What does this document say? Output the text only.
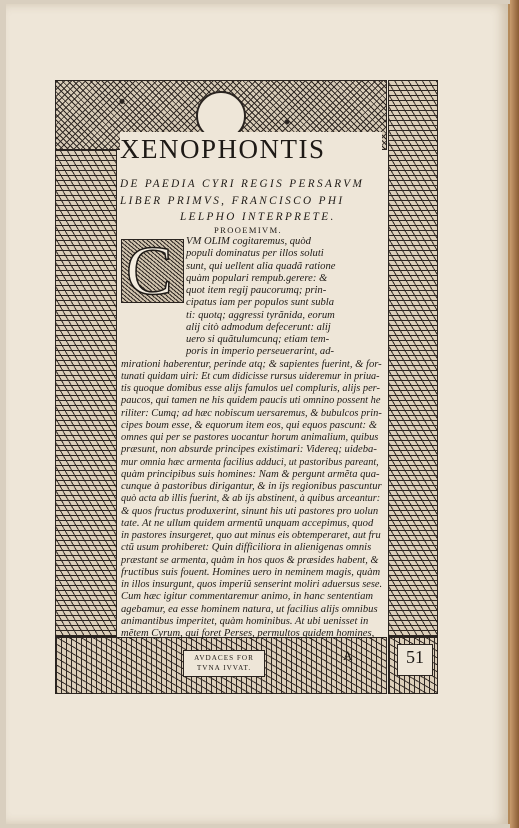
XENOPHONTIS
DE PAEDIA CYRI REGIS PERSARVM
LIBER PRIMVS, FRANCISCO PHI
LELPHO INTERPRETE.
PROOEMIVM.
C VM OLIM cogitaremus, quòd
populi dominatus per illos soluti
sunt, qui uellent alia quadã ratione
quàm populari rempub.gerere: &
quot item regij paucorumq; prin-
cipatus iam per populos sunt subla
ti: quotq; aggressi tyrãnida, eorum
alij citò admodum defecerunt: alij
uero si quãtulumcunq; etiam tem-
poris in imperio perseuerarint, ad-
mirationi haberentur, perinde atq; & sapientes fuerint, & for-
tunati quidam uiri: Et cum didicisse rursus uideremur in priua-
tis quoque domibus esse alijs famulos uel compluris, alijs per-
paucos, qui tamen ne his quidem paucis uti omnino possent he
riliter: Cumq; ad hæc nobiscum uersaremus, & bubulcos prin-
cipes boum esse, & equorum item eos, qui equos pascunt: &
omnes qui per se pastores uocantur horum animalium, quibus
præsunt, non absurde principes existimari: Videreq; uideba-
mur omnia hæc armenta facilius adduci, ut pastoribus pareant,
quàm principibus suis homines: Nam & pergunt armẽta qua-
cunque à pastoribus dirigantur, & in ijs regionibus pascuntur
quò acta ab illis fuerint, & ab ijs abstinent, à quibus arceantur:
& quos fructus produxerint, sinunt his uti pastores pro uolun
tate. At ne ullum quidem armentũ unquam accepimus, quod
in pastores insurgeret, quo aut minus eis obtemperaret, aut fru
ctũ usum prohiberet: Quin difficiliora in alienigenas omnis
præstant se armenta, quàm in hos quos & præsides habent, &
fructibus suis fouent. Homines uero in neminem magis, quàm
in illos insurgunt, quos imperiũ senserint moliri aduersus sese.
Cum hæc igitur commentaremur animo, in hanc sententiam
agebamur, ea esse hominem natura, ut facilius alijs omnibus
animantibus imperitet, quàm hominibus. At ubi uenisset in
mẽtem Cyrum, qui foret Perses, permultos quidem homines,
AVDACES FOR
TVNA IVVAT.
51
A
